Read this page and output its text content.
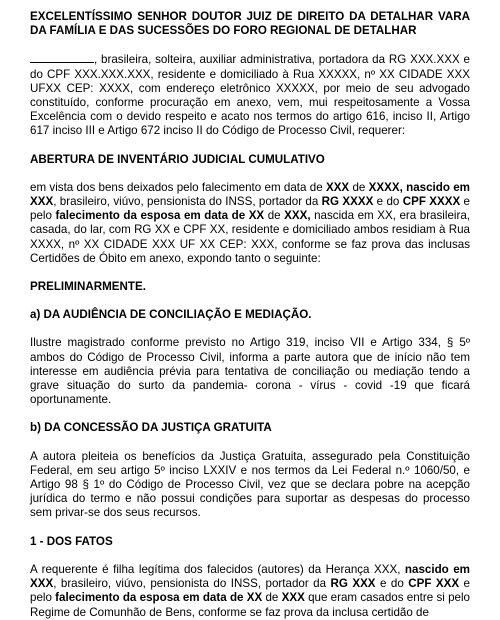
EXCELENTÍSSIMO SENHOR DOUTOR JUIZ DE DIREITO DA DETALHAR VARA DA FAMÍLIA E DAS SUCESSÕES DO FORO REGIONAL DE DETALHAR

, brasileira, solteira, auxiliar administrativa, portadora da RG XXX.XXX e do CPF XXX.XXX.XXX, residente e domiciliado à Rua XXXXX, nº XX CIDADE XXX UFXX CEP: XXXX, com endereço eletrônico XXXXX, por meio de seu advogado constituído, conforme procuração em anexo, vem, mui respeitosamente a Vossa Excelência com o devido respeito e acato nos termos do artigo 616, inciso II, Artigo 617 inciso III e Artigo 672 inciso II do Código de Processo Civil, requerer:

ABERTURA DE INVENTÁRIO JUDICIAL CUMULATIVO

em vista dos bens deixados pelo falecimento em data de XXX de XXXX, nascido em XXX, brasileiro, viúvo, pensionista do INSS, portador da RG XXXX e do CPF XXXX e pelo falecimento da esposa em data de XX de XXX, nascida em XX, era brasileira, casada, do lar, com RG XX e CPF XX, residente e domiciliado ambos residiam à Rua XXXX, nº XX CIDADE XXX UF XX CEP: XXX, conforme se faz prova das inclusas Certidões de Óbito em anexo, expondo tanto o seguinte:

PRELIMINARMENTE.

a) DA AUDIÊNCIA DE CONCILIAÇÃO E MEDIAÇÃO.

Ilustre magistrado conforme previsto no Artigo 319, inciso VII e Artigo 334, § 5º ambos do Código de Processo Civil, informa a parte autora que de início não tem interesse em audiência prévia para tentativa de conciliação ou mediação tendo a grave situação do surto da pandemia- corona - vírus - covid -19 que ficará oportunamente.

b) DA CONCESSÃO DA JUSTIÇA GRATUITA

A autora pleiteia os benefícios da Justiça Gratuita, assegurado pela Constituição Federal, em seu artigo 5º inciso LXXIV e nos termos da Lei Federal n.º 1060/50, e Artigo 98 § 1º do Código de Processo Civil, vez que se declara pobre na acepção jurídica do termo e não possui condições para suportar as despesas do processo sem privar-se dos seus recursos.

1 - DOS FATOS

A requerente é filha legítima dos falecidos (autores) da Herança XXX, nascido em XXX, brasileiro, viúvo, pensionista do INSS, portador da RG XXX e do CPF XXX e pelo falecimento da esposa em data de XX de XXX que eram casados entre si pelo Regime de Comunhão de Bens, conforme se faz prova da inclusa certidão de
